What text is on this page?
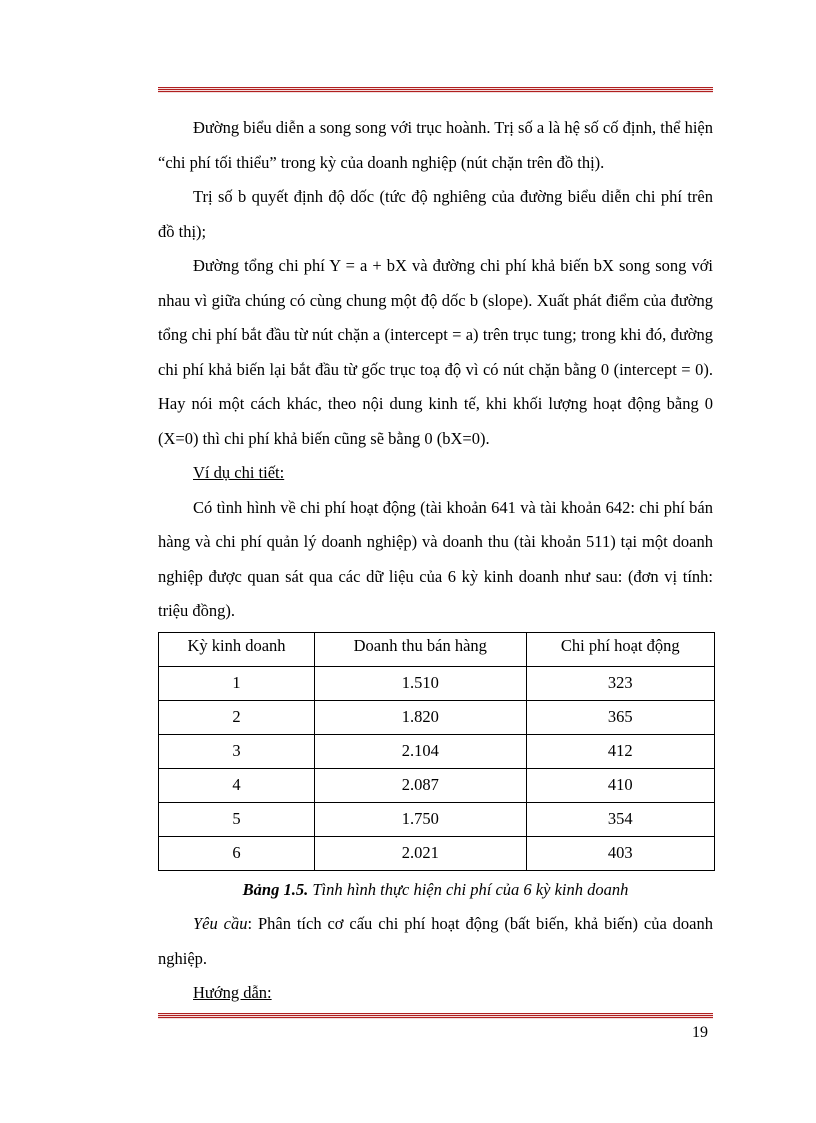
Đường biểu diễn a song song với trục hoành. Trị số a là hệ số cố định, thể hiện “chi phí tối thiểu” trong kỳ của doanh nghiệp (nút chặn trên đồ thị).

Trị số b quyết định độ dốc (tức độ nghiêng của đường biểu diễn chi phí trên đồ thị);

Đường tổng chi phí Y = a + bX và đường chi phí khả biến bX song song với nhau vì giữa chúng có cùng chung một độ dốc b (slope). Xuất phát điểm của đường tổng chi phí bắt đầu từ nút chặn a (intercept = a) trên trục tung; trong khi đó, đường chi phí khả biến lại bắt đầu từ gốc trục toạ độ vì có nút chặn bằng 0 (intercept = 0). Hay nói một cách khác, theo nội dung kinh tế, khi khối lượng hoạt động bằng 0 (X=0) thì chi phí khả biến cũng sẽ bằng 0 (bX=0).

Ví dụ chi tiết:

Có tình hình về chi phí hoạt động (tài khoản 641 và tài khoản 642: chi phí bán hàng và chi phí quản lý doanh nghiệp) và doanh thu (tài khoản 511) tại một doanh nghiệp được quan sát qua các dữ liệu của 6 kỳ kinh doanh như sau: (đơn vị tính: triệu đồng).

Kỳ kinh doanh	Doanh thu bán hàng	Chi phí hoạt động
1	1.510	323
2	1.820	365
3	2.104	412
4	2.087	410
5	1.750	354
6	2.021	403

Bảng 1.5. Tình hình thực hiện chi phí của 6 kỳ kinh doanh

Yêu cầu: Phân tích cơ cấu chi phí hoạt động (bất biến, khả biến) của doanh nghiệp.

Hướng dẫn:

19
